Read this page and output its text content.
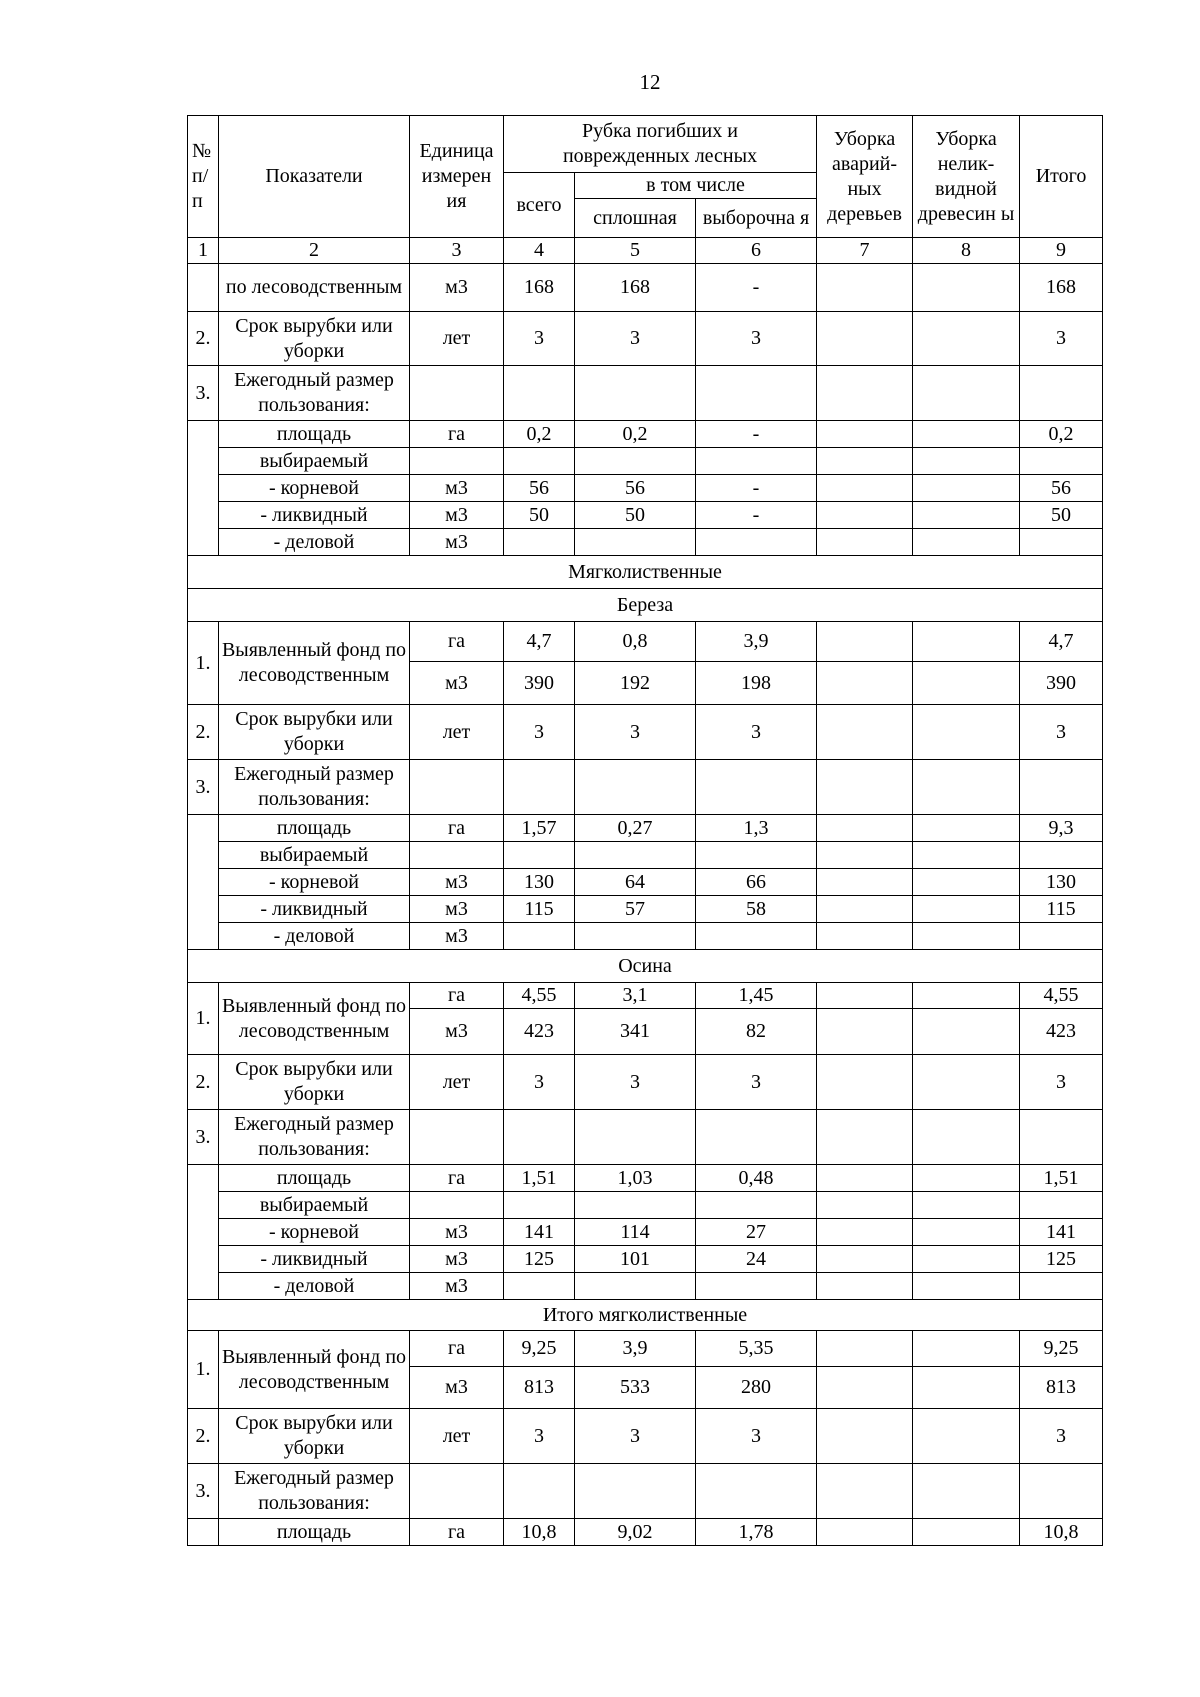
12
№ п/ п	Показатели	Единица измерен ия	Рубка погибших и поврежденных лесных			Уборка аварий-ных деревьев	Уборка нелик-видной древесин ы	Итого
			всего	в том числе				
				сплошная	выборочна я			
1	2	3	4	5	6	7	8	9
	по лесоводственным	м3	168	168	-			168
2.	Срок вырубки или уборки	лет	3	3	3			3
3.	Ежегодный размер пользования:							
	площадь	га	0,2	0,2	-			0,2
	выбираемый							
	- корневой	м3	56	56	-			56
	- ликвидный	м3	50	50	-			50
	- деловой	м3						
Мягколиственные								
Береза								
1.	Выявленный фонд по лесоводственным	га	4,7	0,8	3,9			4,7
		м3	390	192	198			390
2.	Срок вырубки или уборки	лет	3	3	3			3
3.	Ежегодный размер пользования:							
	площадь	га	1,57	0,27	1,3			9,3
	выбираемый							
	- корневой	м3	130	64	66			130
	- ликвидный	м3	115	57	58			115
	- деловой	м3						
Осина								
1.	Выявленный фонд по лесоводственным	га	4,55	3,1	1,45			4,55
		м3	423	341	82			423
2.	Срок вырубки или уборки	лет	3	3	3			3
3.	Ежегодный размер пользования:							
	площадь	га	1,51	1,03	0,48			1,51
	выбираемый							
	- корневой	м3	141	114	27			141
	- ликвидный	м3	125	101	24			125
	- деловой	м3						
Итого мягколиственные								
1.	Выявленный фонд по лесоводственным	га	9,25	3,9	5,35			9,25
		м3	813	533	280			813
2.	Срок вырубки или уборки	лет	3	3	3			3
3.	Ежегодный размер пользования:							
	площадь	га	10,8	9,02	1,78			10,8
